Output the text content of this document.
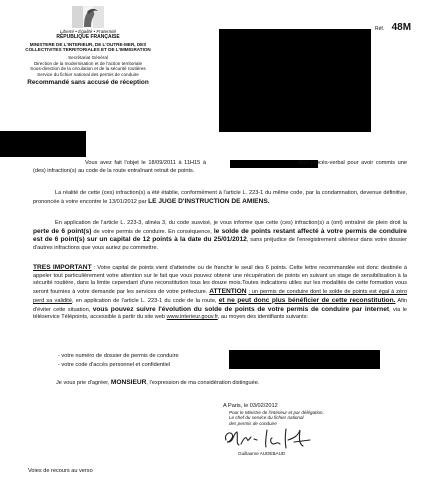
Liberté • Égalité • Fraternité
RÉPUBLIQUE FRANÇAISE
MINISTERE DE L'INTERIEUR, DE L'OUTRE-MER, DES
COLLECTIVITES TERRITORIALES ET DE L'IMMIGRATION
Secrétariat Général
Direction de la modernisation et de l'action territoriale
Sous-direction de la circulation et de la sécurité routières
Service du fichier national des permis de conduire
Recommandé sans accusé de réception
Réf. 48M
Vous avez fait l'objet le 18/09/2011 à 11H15 à	d'un procès-verbal pour avoir commis une (des) infraction(s) au code de la route entraînant retrait de points.
La réalité de cette (ces) infraction(s) a été établie, conformément à l'article L. 223-1 du même code, par la condamnation, devenue définitive, prononcée à votre encontre le 13/01/2012 par LE JUGE D'INSTRUCTION DE AMIENS.
En application de l'article L. 223-3, alinéa 3, du code susvisé, je vous informe que cette (ces) infraction(s) a (ont) entraîné de plein droit la perte de 6 point(s) de votre permis de conduire. En conséquence, le solde de points restant affecté à votre permis de conduire est de 6 point(s) sur un capital de 12 points à la date du 25/01/2012, sans préjudice de l'enregistrement ultérieur dans votre dossier d'autres infractions que vous auriez pu commettre.
TRES IMPORTANT : Votre capital de points vient d'atteindre ou de franchir le seuil des 6 points. Cette lettre recommandée est donc destinée à appeler tout particulièrement votre attention sur le fait que vous pouvez obtenir une récupération de points en suivant un stage de sensibilisation à la sécurité routière, dans la limite cependant d'une reconstitution tous les douze mois.Toutes indications utiles sur les modalités de cette formation vous seront fournies à votre demande par les services de votre préfecture. ATTENTION : un permis de conduire dont le solde de points est égal à zéro perd sa validité, en application de l'article L. 223-1 du code de la route, et ne peut donc plus bénéficier de cette reconstitution. Afin d'éviter cette situation, vous pouvez suivre l'évolution du solde de points de votre permis de conduire par internet, via le téléservice Télépoints, accessible à partir du site web www.interieur.gouv.fr, au moyen des identifiants suivants:
- votre numéro de dossier de permis de conduire
- votre code d'accès personnel et confidentiel
Je vous prie d'agréer, MONSIEUR, l'expression de ma considération distinguée.
A Paris, le 03/02/2012
Pour le Ministre de l'intérieur et par délégation,
Le chef du service du fichier national
des permis de conduire
Guillaume AUDEBAUD
Voies de recours au verso
